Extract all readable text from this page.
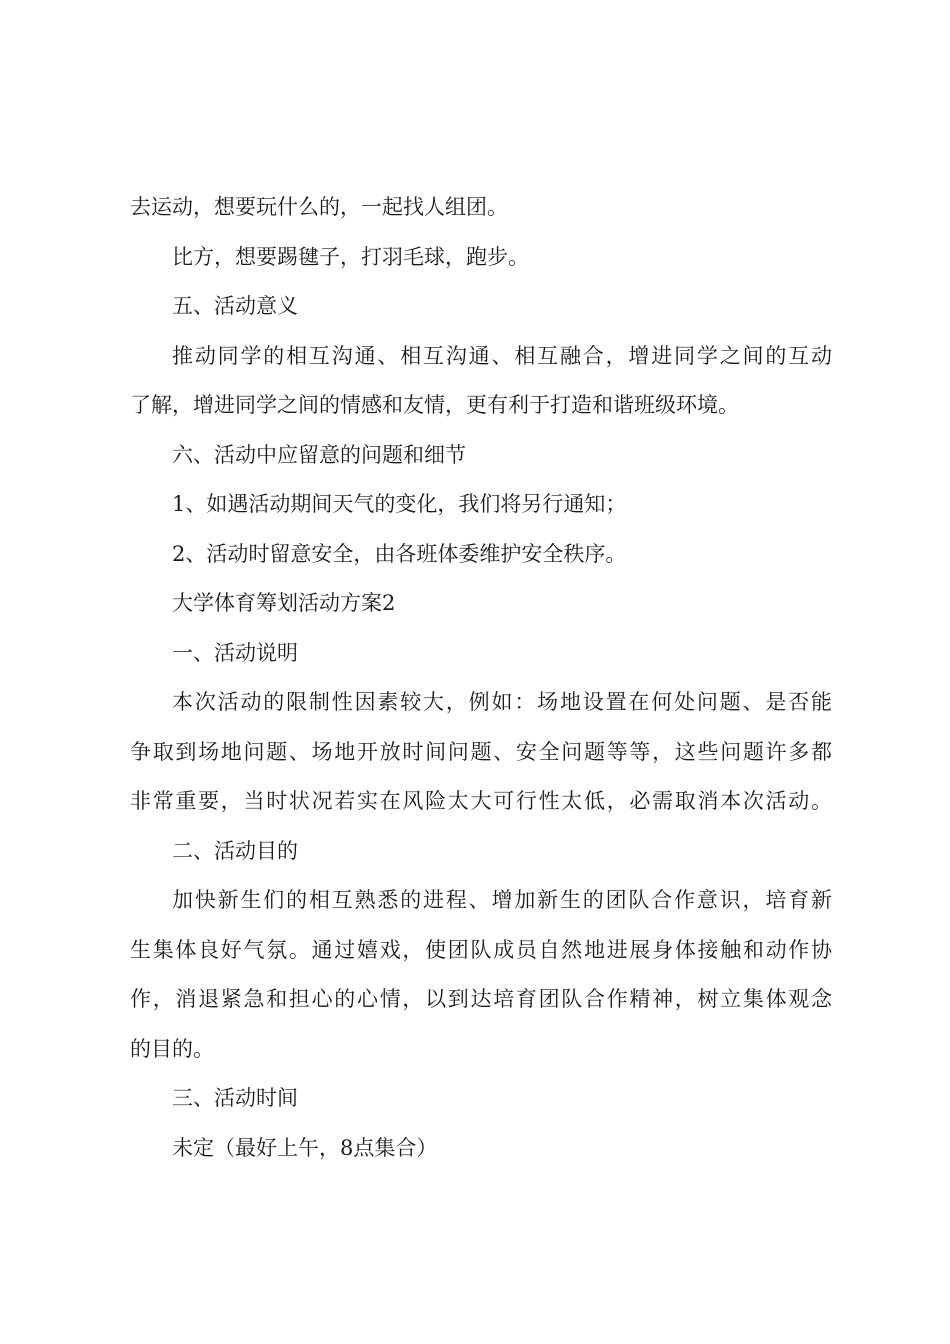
去运动，想要玩什么的，一起找人组团。

比方，想要踢毽子，打羽毛球，跑步。

五、活动意义

推动同学的相互沟通、相互沟通、相互融合，增进同学之间的互动

了解，增进同学之间的情感和友情，更有利于打造和谐班级环境。

六、活动中应留意的问题和细节

1、如遇活动期间天气的变化，我们将另行通知；

2、活动时留意安全，由各班体委维护安全秩序。

大学体育筹划活动方案2

一、活动说明

本次活动的限制性因素较大，例如：场地设置在何处问题、是否能

争取到场地问题、场地开放时间问题、安全问题等等，这些问题许多都

非常重要，当时状况若实在风险太大可行性太低，必需取消本次活动。

二、活动目的

加快新生们的相互熟悉的进程、增加新生的团队合作意识，培育新

生集体良好气氛。通过嬉戏，使团队成员自然地进展身体接触和动作协

作，消退紧急和担心的心情，以到达培育团队合作精神，树立集体观念

的目的。

三、活动时间

未定（最好上午，8点集合）
